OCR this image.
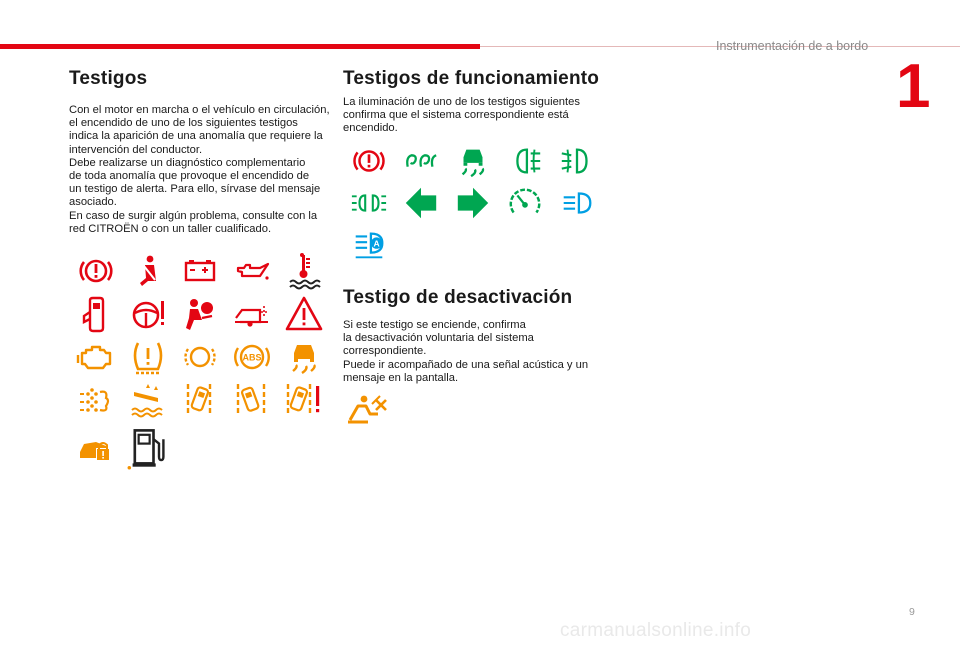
Instrumentación de a bordo
1
Testigos

Con el motor en marcha o el vehículo en circulación,
el encendido de uno de los siguientes testigos
indica la aparición de una anomalía que requiere la
intervención del conductor.
Debe realizarse un diagnóstico complementario
de toda anomalía que provoque el encendido de
un testigo de alerta. Para ello, sírvase del mensaje
asociado.
En caso de surgir algún problema, consulte con la
red CITROËN o con un taller cualificado.

ABS
Testigos de funcionamiento

La iluminación de uno de los testigos siguientes
confirma que el sistema correspondiente está
encendido.

A
Testigo de desactivación

Si este testigo se enciende, confirma
la desactivación voluntaria del sistema
correspondiente.
Puede ir acompañado de una señal acústica y un
mensaje en la pantalla.

9
carmanualsonline.info
